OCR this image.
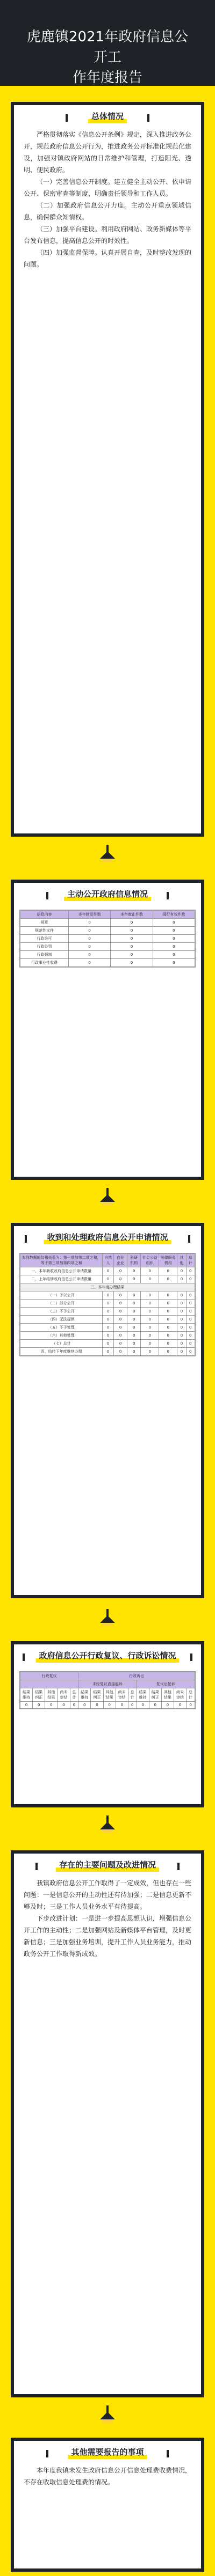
虎鹿镇2021年政府信息公开工
作年度报告
总体情况

严格贯彻落实《信息公开条例》规定，深入推进政务公开，规范政府信息公开行为，推进政务公开标准化规范化建设，加强对镇政府网站的日常维护和管理，打造阳光、透明、便民政府。

（一）完善信息公开制度。建立健全主动公开、依申请公开、保密审查等制度，明确责任领导和工作人员。

（二）加强政府信息公开力度。主动公开重点领域信息，确保群众知情权。

（三）加强平台建设。利用政府网站、政务新媒体等平台发布信息，提高信息公开的时效性。

（四）加强监督保障。认真开展自查，及时整改发现的问题。

主动公开政府信息情况
信息内容	本年制发件数	本年废止件数	现行有效件数
规章	0	0	0
规范性文件	0	0	0
行政许可	0	0	0
行政处罚	0	0	0
行政强制	0	0	0
行政事业性收费	0	0	0
收到和处理政府信息公开申请情况
本列数据的勾稽关系为：第一项加第二项之和，等于第三项加第四项之和	自然人	商业企业	科研机构	社会公益组织	法律服务机构	其他	总计
一、本年新收政府信息公开申请数量	0	0	0	0	0	0	0
二、上年结转政府信息公开申请数量	0	0	0	0	0	0	0
三、本年度办理结果							
（一）予以公开	0	0	0	0	0	0	0
（二）部分公开	0	0	0	0	0	0	0
（三）不予公开	0	0	0	0	0	0	0
（四）无法提供	0	0	0	0	0	0	0
（五）不予处理	0	0	0	0	0	0	0
（六）其他处理	0	0	0	0	0	0	0
（七）总计	0	0	0	0	0	0	0
四、结转下年度继续办理	0	0	0	0	0	0	0
政府信息公开行政复议、行政诉讼情况
行政复议					行政诉讼									
					未经复议直接起诉					复议后起诉				
结果维持	结果纠正	其他结果	尚未审结	总计	结果维持	结果纠正	其他结果	尚未审结	总计	结果维持	结果纠正	其他结果	尚未审结	总计
0	0	0	0	0	0	0	0	0	0	0	0	0	0	0
存在的主要问题及改进情况

我镇政府信息公开工作取得了一定成效，但也存在一些问题：一是信息公开的主动性还有待加强；二是信息更新不够及时；三是工作人员业务水平有待提高。

下步改进计划：一是进一步提高思想认识，增强信息公开工作的主动性；二是加强网站及新媒体平台管理，及时更新信息；三是加强业务培训，提升工作人员业务能力，推动政务公开工作取得新成效。

其他需要报告的事项

本年度我镇未发生政府信息公开信息处理费收费情况，不存在收取信息处理费的情况。
